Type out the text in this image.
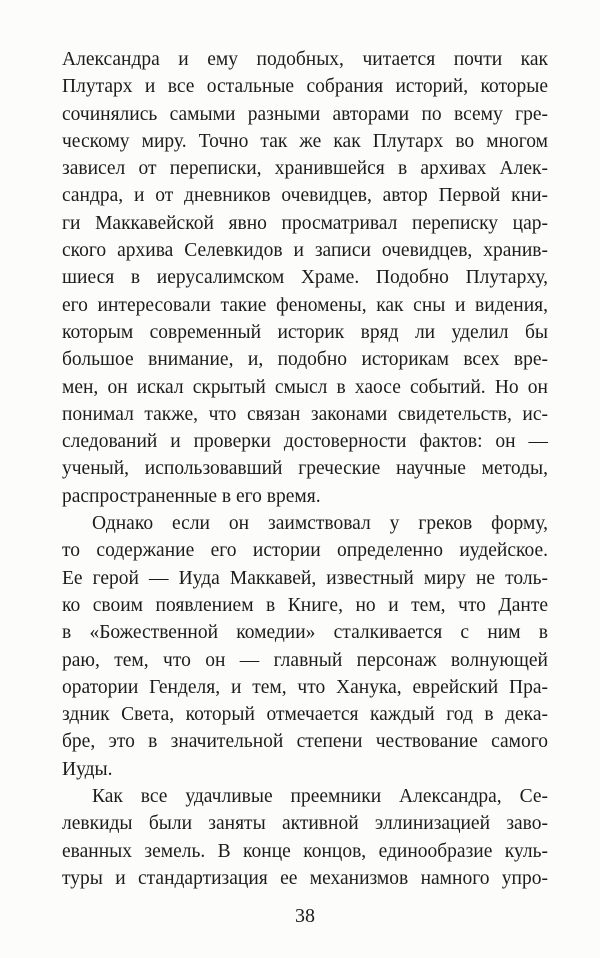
Александра и ему подобных, читается почти как
Плутарх и все остальные собрания историй, которые
сочинялись самыми разными авторами по всему гре-
ческому миру. Точно так же как Плутарх во многом
зависел от переписки, хранившейся в архивах Алек-
сандра, и от дневников очевидцев, автор Первой кни-
ги Маккавейской явно просматривал переписку цар-
ского архива Селевкидов и записи очевидцев, хранив-
шиеся в иерусалимском Храме. Подобно Плутарху,
его интересовали такие феномены, как сны и видения,
которым современный историк вряд ли уделил бы
большое внимание, и, подобно историкам всех вре-
мен, он искал скрытый смысл в хаосе событий. Но он
понимал также, что связан законами свидетельств, ис-
следований и проверки достоверности фактов: он —
ученый, использовавший греческие научные методы,
распространенные в его время.

Однако если он заимствовал у греков форму,
то содержание его истории определенно иудейское.
Ее герой — Иуда Маккавей, известный миру не толь-
ко своим появлением в Книге, но и тем, что Данте
в «Божественной комедии» сталкивается с ним в
раю, тем, что он — главный персонаж волнующей
оратории Генделя, и тем, что Ханука, еврейский Пра-
здник Света, который отмечается каждый год в дека-
бре, это в значительной степени чествование самого
Иуды.

Как все удачливые преемники Александра, Се-
левкиды были заняты активной эллинизацией заво-
еванных земель. В конце концов, единообразие куль-
туры и стандартизация ее механизмов намного упро-

38
